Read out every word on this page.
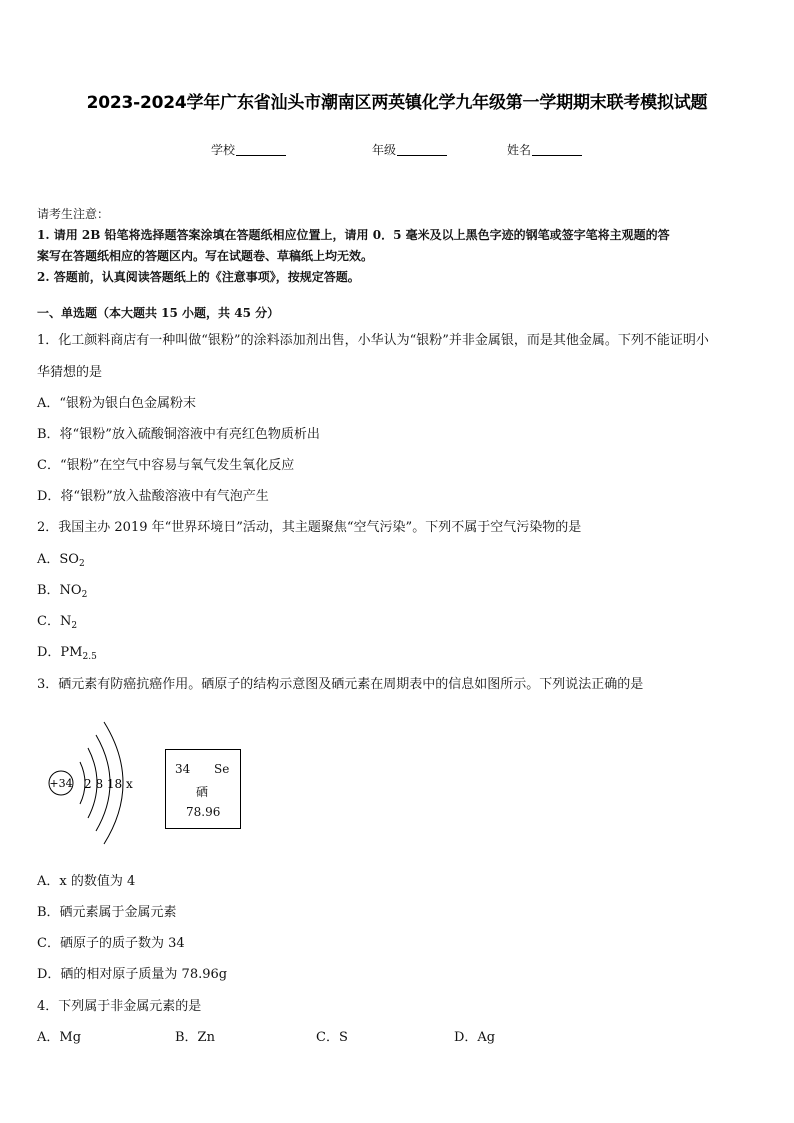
2023-2024学年广东省汕头市潮南区两英镇化学九年级第一学期期末联考模拟试题
学校	年级	姓名
请考生注意：
1. 请用 2B 铅笔将选择题答案涂填在答题纸相应位置上，请用 0．5 毫米及以上黑色字迹的钢笔或签字笔将主观题的答
案写在答题纸相应的答题区内。写在试题卷、草稿纸上均无效。
2. 答题前，认真阅读答题纸上的《注意事项》，按规定答题。
一、单选题（本大题共 15 小题，共 45 分）
1．化工颜料商店有一种叫做“银粉”的涂料添加剂出售，小华认为“银粉”并非金属银，而是其他金属。下列不能证明小
华猜想的是
A．“银粉为银白色金属粉末
B．将“银粉”放入硫酸铜溶液中有亮红色物质析出
C．“银粉”在空气中容易与氧气发生氧化反应
D．将“银粉”放入盐酸溶液中有气泡产生
2．我国主办 2019 年“世界环境日”活动，其主题聚焦“空气污染”。下列不属于空气污染物的是
A．$SO_2$
B．$NO_2$
C．$N_2$
D．$PM_{2.5}$
3．硒元素有防癌抗癌作用。硒原子的结构示意图及硒元素在周期表中的信息如图所示。下列说法正确的是
+34 2 8 18 x
34 Se
硒
78.96
A．x 的数值为 4
B．硒元素属于金属元素
C．硒原子的质子数为 34
D．硒的相对原子质量为 78.96g
4．下列属于非金属元素的是
A．Mg	B．Zn	C．S	D．Ag
